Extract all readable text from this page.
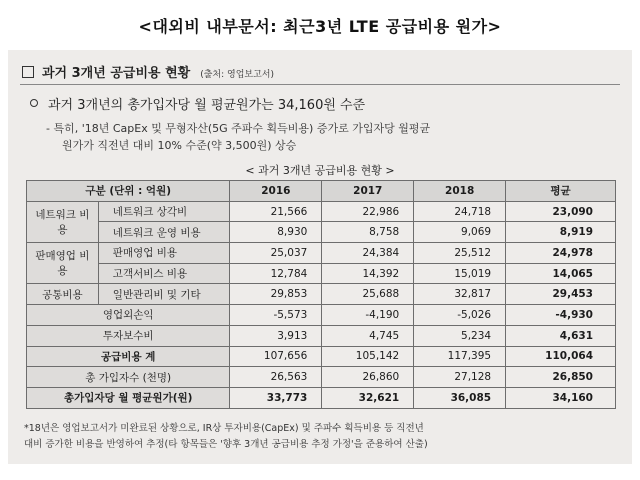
<대외비 내부문서: 최근3년 LTE 공급비용 원가>
과거 3개년 공급비용 현황 (출처: 영업보고서)
과거 3개년의 총가입자당 월 평균원가는 34,160원 수준
- 특히, '18년 CapEx 및 무형자산(5G 주파수 획득비용) 증가로 가입자당 월평균
원가가 직전년 대비 10% 수준(약 3,500원) 상승
< 과거 3개년 공급비용 현황 >
구분 (단위 : 억원)		2016	2017	2018	평균
네트워크 비용	네트워크 상각비	21,566	22,986	24,718	23,090
	네트워크 운영 비용	8,930	8,758	9,069	8,919
판매영업 비용	판매영업 비용	25,037	24,384	25,512	24,978
	고객서비스 비용	12,784	14,392	15,019	14,065
공통비용	일반관리비 및 기타	29,853	25,688	32,817	29,453
영업외손익		-5,573	-4,190	-5,026	-4,930
투자보수비		3,913	4,745	5,234	4,631
공급비용 계		107,656	105,142	117,395	110,064
총 가입자수 (천명)		26,563	26,860	27,128	26,850
총가입자당 월 평균원가(원)		33,773	32,621	36,085	34,160
*18년은 영업보고서가 미완료된 상황으로, IR상 투자비용(CapEx) 및 주파수 획득비용 등 직전년
대비 증가한 비용을 반영하여 추정(타 항목들은 '향후 3개년 공급비용 추정 가정'을 준용하여 산출)
